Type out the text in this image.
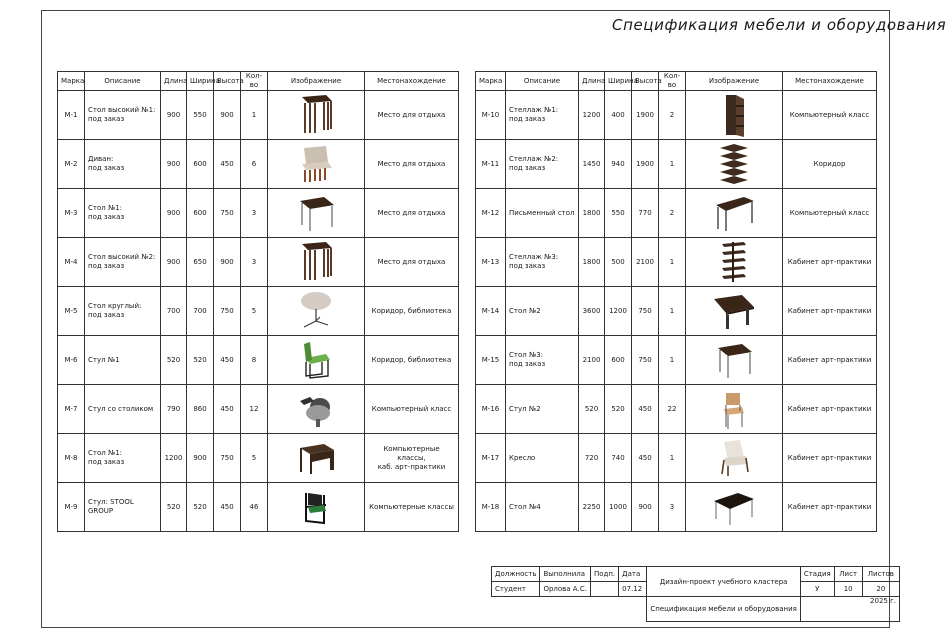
Спецификация мебели и оборудования
Марка	Описание	Длина	Ширина	Высота	Кол-во	Изображение	Местонахождение
М-1	Стол высокий №1:
под заказ	900	550	900	1		Место для отдыха
М-2	Диван:
под заказ	900	600	450	6		Место для отдыха
М-3	Стол №1:
под заказ	900	600	750	3		Место для отдыха
М-4	Стол высокий №2:
под заказ	900	650	900	3		Место для отдыха
М-5	Стол круглый:
под заказ	700	700	750	5		Коридор, библиотека
М-6	Стул №1	520	520	450	8		Коридор, библиотека
М-7	Стул со столиком	790	860	450	12		Компьютерный класс
М-8	Стол №1:
под заказ	1200	900	750	5		Компьютерные классы,
каб. арт-практики
М-9	Стул: STOOL GROUP	520	520	450	46		Компьютерные классы
Марка	Описание	Длина	Ширина	Высота	Кол-во	Изображение	Местонахождение
М-10	Стеллаж №1:
под заказ	1200	400	1900	2		Компьютерный класс
М-11	Стеллаж №2:
под заказ	1450	940	1900	1		Коридор
М-12	Письменный стол	1800	550	770	2		Компьютерный класс
М-13	Стеллаж №3:
под заказ	1800	500	2100	1		Кабинет арт-практики
М-14	Стол №2	3600	1200	750	1		Кабинет арт-практики
М-15	Стол №3:
под заказ	2100	600	750	1		Кабинет арт-практики
М-16	Стул №2	520	520	450	22		Кабинет арт-практики
М-17	Кресло	720	740	450	1		Кабинет арт-практики
М-18	Стол №4	2250	1000	900	3		Кабинет арт-практики
Должность	Выполнила	Подп.	Дата	Дизайн-проект учебного кластера	Стадия	Лист	Листов
Студент	Орлова А.С.		07.12		У	10	20
				Спецификация мебели и оборудования	2025 г.		
